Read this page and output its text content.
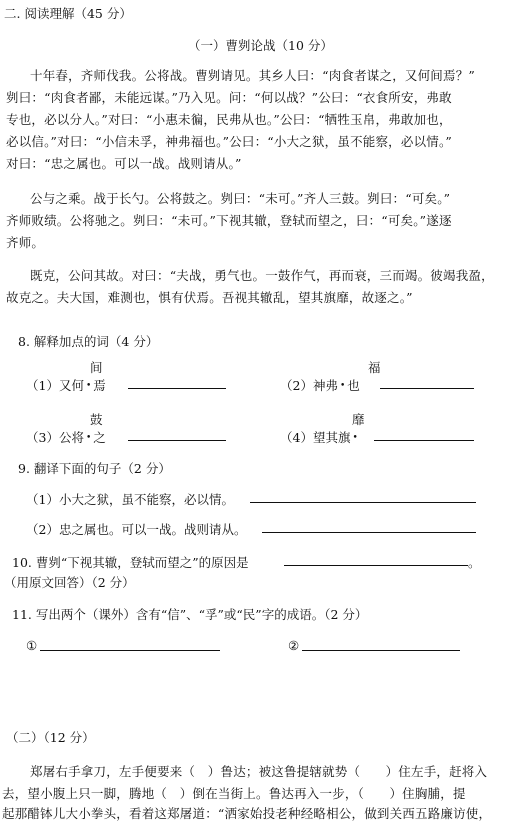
二. 阅读理解（45 分）
（一）曹刿论战（10 分）
十年春，齐师伐我。公将战。曹刿请见。其乡人曰：“肉食者谋之，又何间焉？”
刿曰：“肉食者鄙，未能远谋。”乃入见。问：“何以战？”公曰：“衣食所安，弗敢
专也，必以分人。”对曰：“小惠未徧，民弗从也。”公曰：“牺牲玉帛，弗敢加也，
必以信。”对曰：“小信未孚，神弗福也。”公曰：“小大之狱，虽不能察，必以情。”
对曰：“忠之属也。可以一战。战则请从。”
公与之乘。战于长勺。公将鼓之。刿曰：“未可。”齐人三鼓。刿曰：“可矣。”
齐师败绩。公将驰之。刿曰：“未可。”下视其辙，登轼而望之，曰：“可矣。”遂逐
齐师。
既克，公问其故。对曰：“夫战，勇气也。一鼓作气，再而衰，三而竭。彼竭我盈，
故克之。夫大国，难测也，惧有伏焉。吾视其辙乱，望其旗靡，故逐之。”
8. 解释加点的词（4 分）
间
（1）又何 • 焉
福
（2）神弗 • 也
鼓
（3）公将 • 之
靡
（4）望其旗 •
9. 翻译下面的句子（2 分）
（1）小大之狱，虽不能察，必以情。
（2）忠之属也。可以一战。战则请从。
10. 曹刿“下视其辙，登轼而望之”的原因是	。
（用原文回答）（2 分）
11. 写出两个（课外）含有“信”、“孚”或“民”字的成语。（2 分）
①	②
（二）（12 分）
郑屠右手拿刀，左手便要来（　）鲁达；被这鲁提辖就势（　　）住左手，赶将入
去，望小腹上只一脚，腾地（　）倒在当街上。鲁达再入一步，（　　）住胸脯，提
起那醋钵儿大小拳头，看着这郑屠道：“洒家始投老种经略相公，做到关西五路廉访使，
